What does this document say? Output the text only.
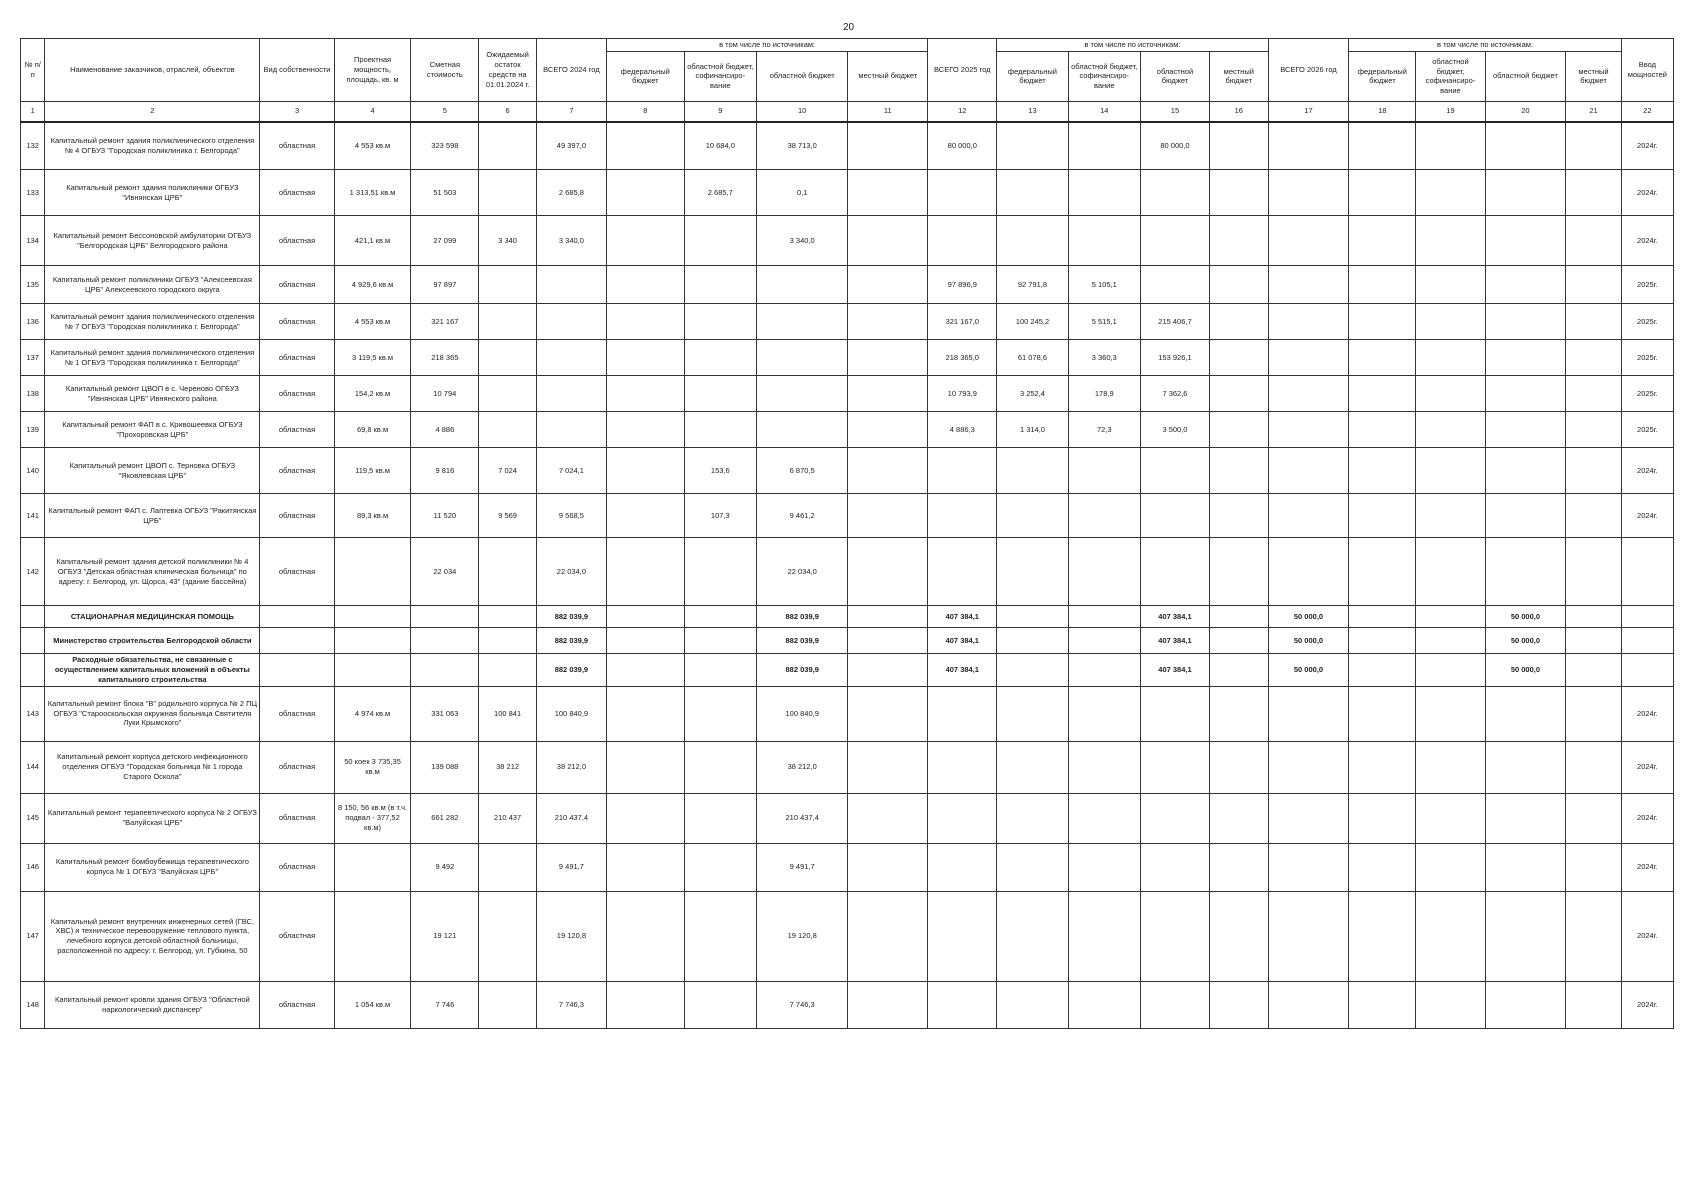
20
№ п/п	Наименование заказчиков, отраслей, объектов	Вид собственности	Проектная мощность, площадь, кв. м	Сметная стоимость	Ожидаемый остаток средств на 01.01.2024 г.	ВСЕГО 2024 год	в том числе по источникам:				ВСЕГО 2025 год	в том числе по источникам:				ВСЕГО 2026 год	в том числе по источникам:				Ввод мощностей
							федеральный бюджет	областной бюджет, софинансиро-вание	областной бюджет	местный бюджет		федеральный бюджет	областной бюджет, софинансиро-вание	областной бюджет	местный бюджет		федеральный бюджет	областной бюджет, софинансиро-вание	областной бюджет	местный бюджет	
1	2	3	4	5	6	7	8	9	10	11	12	13	14	15	16	17	18	19	20	21	22
132	Капитальный ремонт здания поликлинического отделения № 4 ОГБУЗ "Городская поликлиника г. Белгорода"	областная	4 553 кв.м	323 598		49 397,0		10 684,0	38 713,0		80 000,0			80 000,0							2024г.
133	Капитальный ремонт здания поликлиники ОГБУЗ "Ивнянская ЦРБ"	областная	1 313,51 кв.м	51 503		2 685,8		2 685,7	0,1												2024г.
134	Капитальный ремонт Бессоновской амбулатории ОГБУЗ "Белгородская ЦРБ" Белгородского района	областная	421,1 кв.м	27 099	3 340	3 340,0			3 340,0												2024г.
135	Капитальный ремонт поликлиники ОГБУЗ "Алексеевская ЦРБ" Алексеевского городского округа	областная	4 929,6 кв.м	97 897							97 896,9	92 791,8	5 105,1								2025г.
136	Капитальный ремонт здания поликлинического отделения № 7 ОГБУЗ "Городская поликлиника г. Белгорода"	областная	4 553 кв.м	321 167							321 167,0	100 245,2	5 515,1	215 406,7							2025г.
137	Капитальный ремонт здания поликлинического отделения № 1 ОГБУЗ "Городская поликлиника г. Белгорода"	областная	3 119,5 кв.м	218 365							218 365,0	61 078,6	3 360,3	153 926,1							2025г.
138	Капитальный ремонт ЦВОП в с. Череново ОГБУЗ "Ивнянская ЦРБ" Ивнянского района	областная	154,2 кв.м	10 794							10 793,9	3 252,4	178,9	7 362,6							2025г.
139	Капитальный ремонт ФАП в с. Кривошеевка ОГБУЗ "Прохоровская ЦРБ"	областная	69,8 кв.м	4 886							4 886,3	1 314,0	72,3	3 500,0							2025г.
140	Капитальный ремонт ЦВОП с. Терновка ОГБУЗ "Яковлевская ЦРБ"	областная	119,5 кв.м	9 816	7 024	7 024,1		153,6	6 870,5												2024г.
141	Капитальный ремонт ФАП с. Лаптевка ОГБУЗ "Ракитянская ЦРБ"	областная	89,3 кв.м	11 520	9 569	9 568,5		107,3	9 461,2												2024г.
142	Капитальный ремонт здания детской поликлиники № 4 ОГБУЗ "Детская областная клиническая больница" по адресу: г. Белгород, ул. Щорса, 43" (здание бассейна)	областная		22 034		22 034,0			22 034,0												
	СТАЦИОНАРНАЯ МЕДИЦИНСКАЯ ПОМОЩЬ					882 039,9			882 039,9		407 384,1			407 384,1		50 000,0			50 000,0		
	Министерство строительства Белгородской области					882 039,9			882 039,9		407 384,1			407 384,1		50 000,0			50 000,0		
	Расходные обязательства, не связанные с осуществлением капитальных вложений в объекты капитального строительства					882 039,9			882 039,9		407 384,1			407 384,1		50 000,0			50 000,0		
143	Капитальный ремонт блока "В" родильного корпуса № 2 ПЦ ОГБУЗ "Старооскольская окружная больница Святителя Луки Крымского"	областная	4 974 кв.м	331 063	100 841	100 840,9			100 840,9												2024г.
144	Капитальный ремонт корпуса детского инфекционного отделения ОГБУЗ "Городская больница № 1 города Старого Оскола"	областная	50 коек 3 735,35 кв.м	139 088	38 212	38 212,0			38 212,0												2024г.
145	Капитальный ремонт терапевтического корпуса № 2 ОГБУЗ "Валуйская ЦРБ"	областная	8 150, 56 кв.м (в т.ч. подвал - 377,52 кв.м)	661 282	210 437	210 437,4			210 437,4												2024г.
146	Капитальный ремонт бомбоубежища терапевтического корпуса № 1 ОГБУЗ "Валуйская ЦРБ"	областная		9 492		9 491,7			9 491,7												2024г.
147	Капитальный ремонт внутренних инженерных сетей (ГВС, ХВС) и техническое перевооружение теплового пункта, лечебного корпуса детской областной больницы, расположенной по адресу: г. Белгород, ул. Губкина, 50	областная		19 121		19 120,8			19 120,8												2024г.
148	Капитальный ремонт кровли здания ОГБУЗ "Областной наркологический диспансер"	областная	1 054 кв.м	7 746		7 746,3			7 746,3												2024г.
